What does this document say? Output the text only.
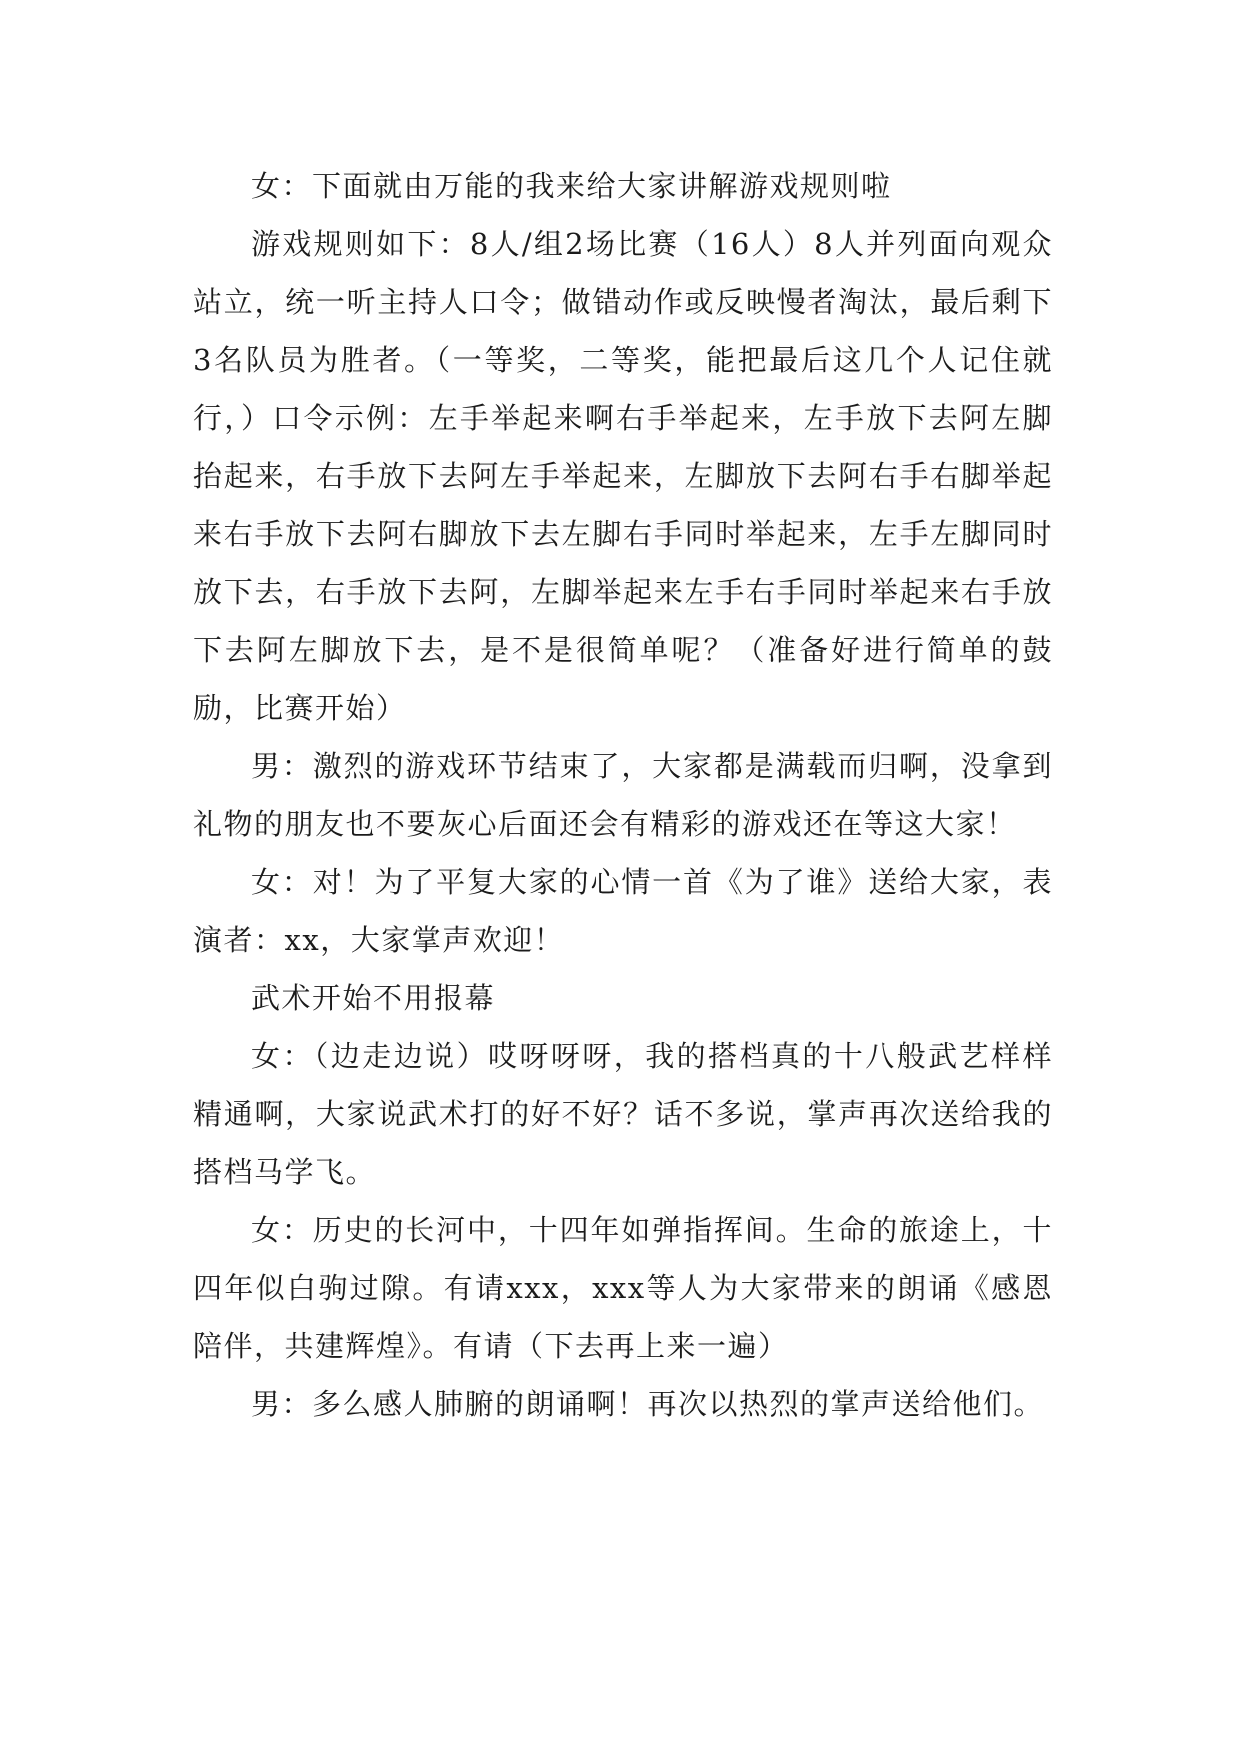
女：下面就由万能的我来给大家讲解游戏规则啦

游戏规则如下：8人/组2场比赛（16人）8人并列面向观众站立，统一听主持人口令；做错动作或反映慢者淘汰，最后剩下3名队员为胜者。（一等奖，二等奖，能把最后这几个人记住就行，）口令示例：左手举起来啊右手举起来，左手放下去阿左脚抬起来，右手放下去阿左手举起来，左脚放下去阿右手右脚举起来右手放下去阿右脚放下去左脚右手同时举起来，左手左脚同时放下去，右手放下去阿，左脚举起来左手右手同时举起来右手放下去阿左脚放下去，是不是很简单呢？（准备好进行简单的鼓励，比赛开始）

男：激烈的游戏环节结束了，大家都是满载而归啊，没拿到礼物的朋友也不要灰心后面还会有精彩的游戏还在等这大家！

女：对！为了平复大家的心情一首《为了谁》送给大家，表演者：xx，大家掌声欢迎！

武术开始不用报幕

女：（边走边说）哎呀呀呀，我的搭档真的十八般武艺样样精通啊，大家说武术打的好不好？话不多说，掌声再次送给我的搭档马学飞。

女：历史的长河中，十四年如弹指挥间。生命的旅途上，十四年似白驹过隙。有请xxx，xxx等人为大家带来的朗诵《感恩陪伴，共建辉煌》。有请（下去再上来一遍）

男：多么感人肺腑的朗诵啊！再次以热烈的掌声送给他们。
